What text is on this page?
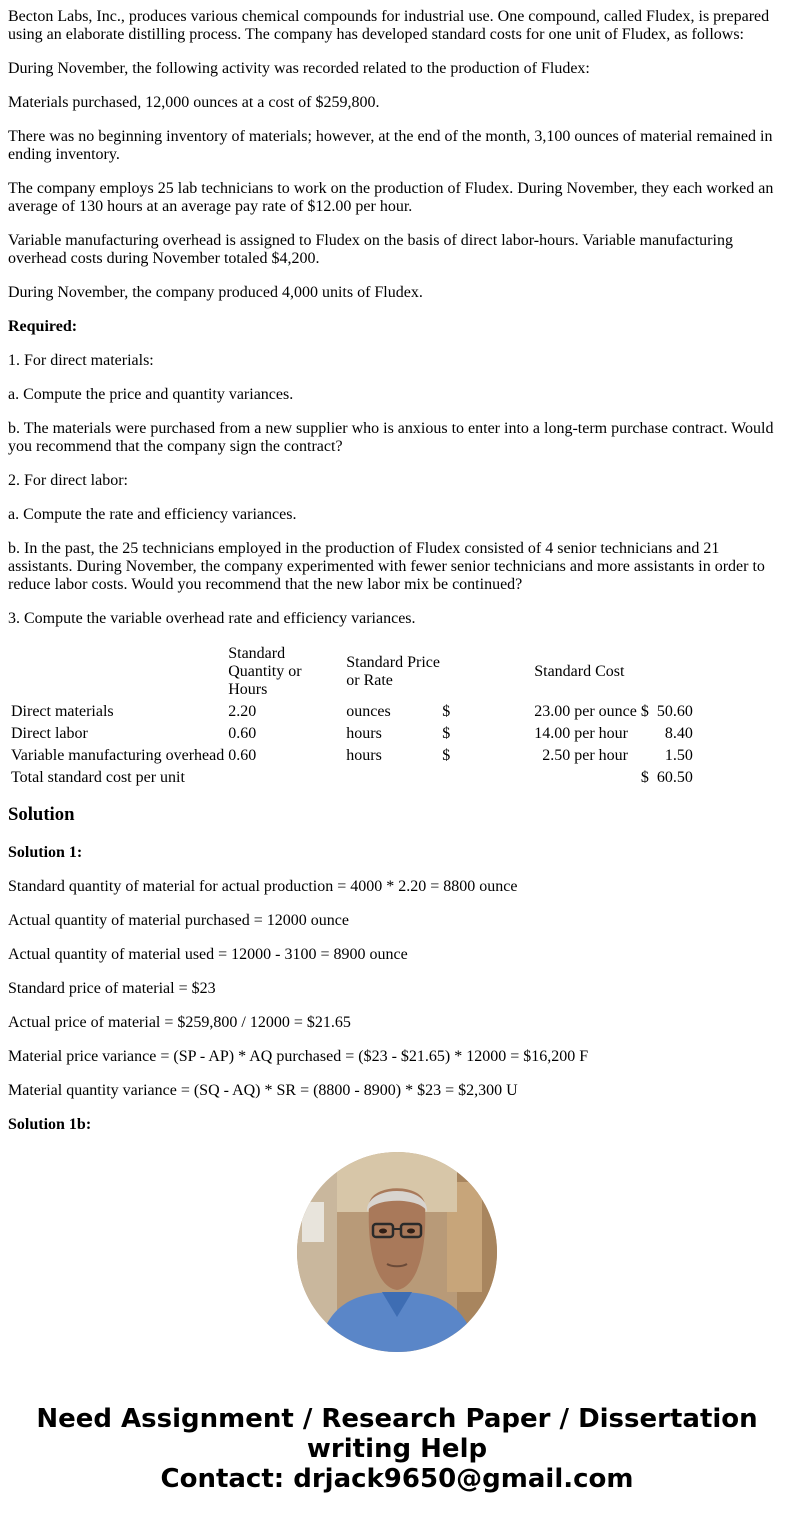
Becton Labs, Inc., produces various chemical compounds for industrial use. One compound, called Fludex, is prepared using an elaborate distilling process. The company has developed standard costs for one unit of Fludex, as follows:

During November, the following activity was recorded related to the production of Fludex:

Materials purchased, 12,000 ounces at a cost of $259,800.

There was no beginning inventory of materials; however, at the end of the month, 3,100 ounces of material remained in ending inventory.

The company employs 25 lab technicians to work on the production of Fludex. During November, they each worked an average of 130 hours at an average pay rate of $12.00 per hour.

Variable manufacturing overhead is assigned to Fludex on the basis of direct labor-hours. Variable manufacturing overhead costs during November totaled $4,200.

During November, the company produced 4,000 units of Fludex.

Required:

1. For direct materials:

a. Compute the price and quantity variances.

b. The materials were purchased from a new supplier who is anxious to enter into a long-term purchase contract. Would you recommend that the company sign the contract?

2. For direct labor:

a. Compute the rate and efficiency variances.

b. In the past, the 25 technicians employed in the production of Fludex consisted of 4 senior technicians and 21 assistants. During November, the company experimented with fewer senior technicians and more assistants in order to reduce labor costs. Would you recommend that the new labor mix be continued?

3. Compute the variable overhead rate and efficiency variances.

	Standard Quantity or Hours	Standard Price or Rate		Standard Cost			
Direct materials	2.20	ounces	$	23.00	per ounce	$	50.60
Direct labor	0.60	hours	$	14.00	per hour		8.40
Variable manufacturing overhead	0.60	hours	$	2.50	per hour		1.50
Total standard cost per unit						$	60.50
Solution

Solution 1:

Standard quantity of material for actual production = 4000 * 2.20 = 8800 ounce

Actual quantity of material purchased = 12000 ounce

Actual quantity of material used = 12000 - 3100 = 8900 ounce

Standard price of material = $23

Actual price of material = $259,800 / 12000 = $21.65

Material price variance = (SP - AP) * AQ purchased = ($23 - $21.65) * 12000 = $16,200 F

Material quantity variance = (SQ - AQ) * SR = (8800 - 8900) * $23 = $2,300 U

Solution 1b:

Need Assignment / Research Paper / Dissertation
writing Help
Contact: drjack9650@gmail.com
